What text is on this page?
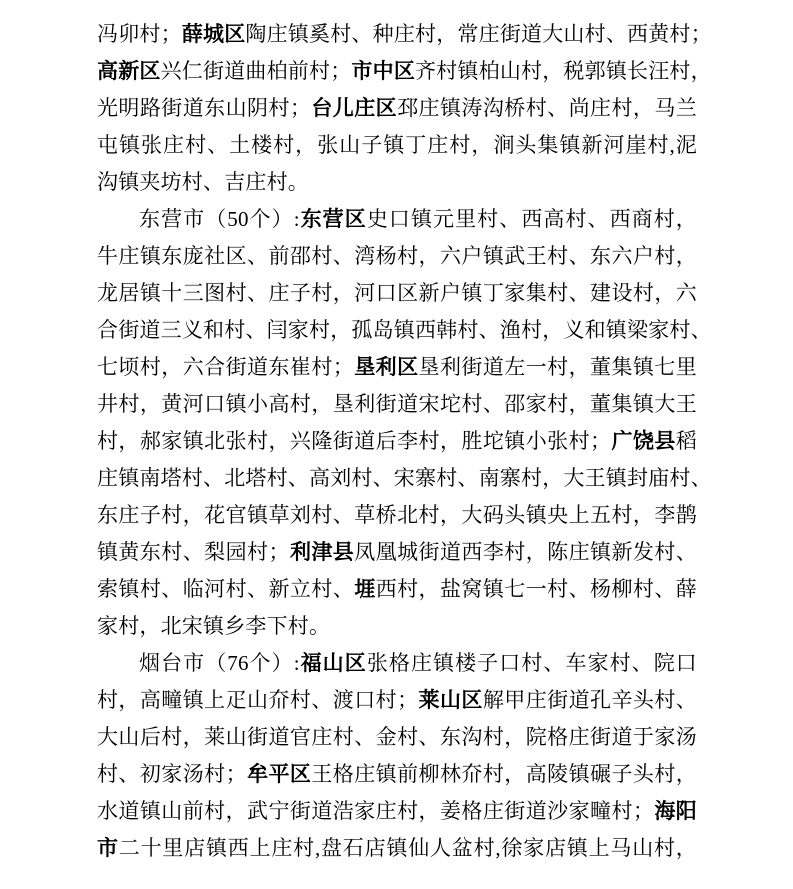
冯卯村；薛城区陶庄镇奚村、种庄村，常庄街道大山村、西黄村；
高新区兴仁街道曲柏前村；市中区齐村镇柏山村，税郭镇长汪村，
光明路街道东山阴村；台儿庄区邳庄镇涛沟桥村、尚庄村，马兰
屯镇张庄村、土楼村，张山子镇丁庄村，涧头集镇新河崖村,泥
沟镇夹坊村、吉庄村。
东营市（50个）:东营区史口镇元里村、西高村、西商村，
牛庄镇东庞社区、前邵村、湾杨村，六户镇武王村、东六户村，
龙居镇十三图村、庄子村，河口区新户镇丁家集村、建设村，六
合街道三义和村、闫家村，孤岛镇西韩村、渔村，义和镇梁家村、
七顷村，六合街道东崔村；垦利区垦利街道左一村，董集镇七里
井村，黄河口镇小高村，垦利街道宋坨村、邵家村，董集镇大王
村，郝家镇北张村，兴隆街道后李村，胜坨镇小张村；广饶县稻
庄镇南塔村、北塔村、高刘村、宋寨村、南寨村，大王镇封庙村、
东庄子村，花官镇草刘村、草桥北村，大码头镇央上五村，李鹊
镇黄东村、梨园村；利津县凤凰城街道西李村，陈庄镇新发村、
索镇村、临河村、新立村、堐西村，盐窝镇七一村、杨柳村、薛
家村，北宋镇乡李下村。
烟台市（76个）:福山区张格庄镇楼子口村、车家村、院口
村，高疃镇上疋山夼村、渡口村；莱山区解甲庄街道孔辛头村、
大山后村，莱山街道官庄村、金村、东沟村，院格庄街道于家汤
村、初家汤村；牟平区王格庄镇前柳林夼村，高陵镇碾子头村，
水道镇山前村，武宁街道浩家庄村，姜格庄街道沙家疃村；海阳
市二十里店镇西上庄村,盘石店镇仙人盆村,徐家店镇上马山村，
